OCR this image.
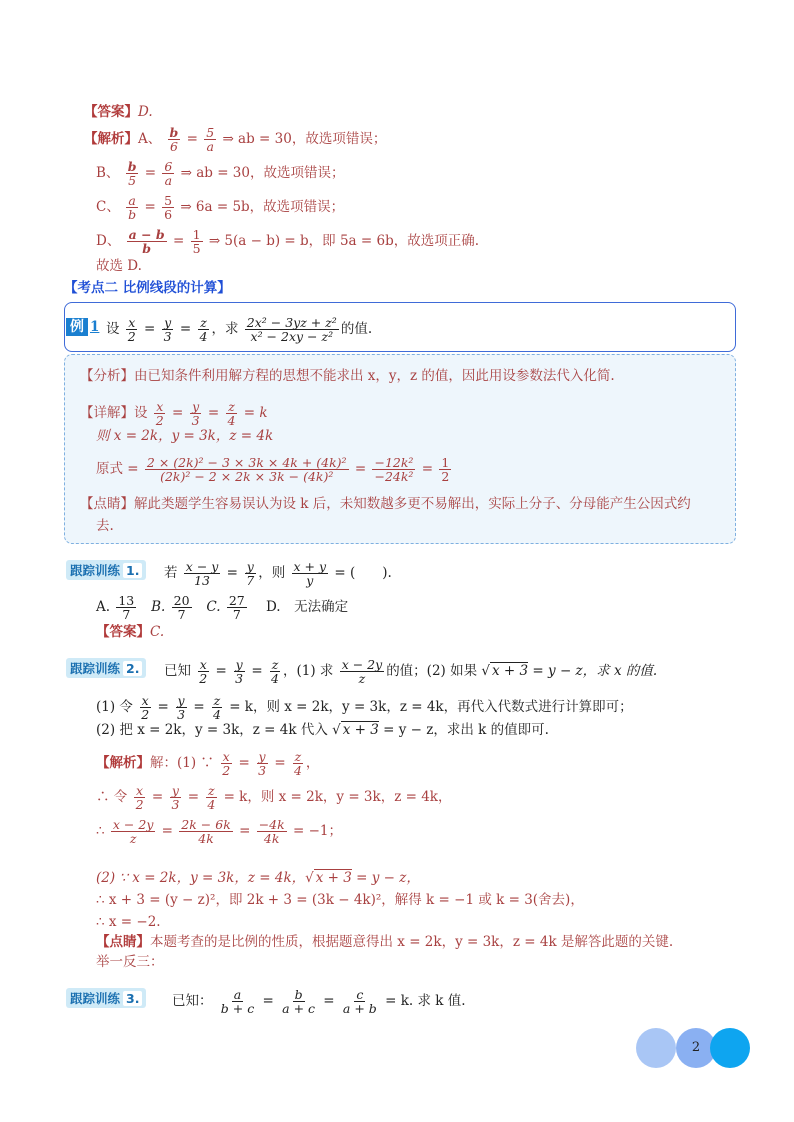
【答案】D.
【解析】A、 $\frac{b}{6} = \frac{5}{a}$ ⇒ ab = 30，故选项错误；
B、 $\frac{b}{5} = \frac{6}{a}$ ⇒ ab = 30，故选项错误；
C、 $\frac{a}{b} = \frac{5}{6}$ ⇒ 6a = 5b，故选项错误；
D、 $\frac{a - b}{b} = \frac{1}{5}$ ⇒ 5(a − b) = b，即 5a = 6b，故选项正确.
故选 D.
【考点二 比例线段的计算】
例 1 设 $\frac{x}{2} = \frac{y}{3} = \frac{z}{4}$ ，求 $\frac{\text{2x² − 3yz + z²}}{\text{x² − 2xy − z²}}$ 的值.
【分析】由已知条件利用解方程的思想不能求出 x，y，z 的值，因此用设参数法代入化简.
【详解】设 $\frac{x}{2} = \frac{y}{3} = \frac{z}{4} = k$
则 x = 2k，y = 3k，z = 4k
原式 = $\frac{\text{2 × (2k)² − 3 × 3k × 4k + (4k)²}}{\text{(2k)² − 2 × 2k × 3k − (4k)²}} = \frac{\text{−12k²}}{\text{−24k²}} = \frac{1}{2}$
【点睛】解此类题学生容易误认为设 k 后，未知数越多更不易解出，实际上分子、分母能产生公因式约
去.
跟踪训练 1.	若 $\frac{x - y}{13} = \frac{y}{7}$ ，则 $\frac{x + y}{y}$ = (　　).
A. $\frac{13}{7} B$. $\frac{20}{7} C$. $\frac{27}{7} D$.　无法确定
【答案】C.
跟踪训练 2.	已知 $\frac{x}{2} = \frac{y}{3} = \frac{z}{4}$ ，(1) 求 $\frac{x - 2y}{z}$ 的值；(2) 如果 √ x + 3 = y − z，求 x 的值.
(1) 令 $\frac{x}{2} = \frac{y}{3} = \frac{z}{4} = k$，则 x = 2k，y = 3k，z = 4k，再代入代数式进行计算即可；
(2) 把 x = 2k，y = 3k，z = 4k 代入 √ x + 3 = y − z，求出 k 的值即可.
【解析】解：(1) ∵ $\frac{x}{2} = \frac{y}{3} = \frac{z}{4}$ ，
∴ 令 $\frac{x}{2} = \frac{y}{3} = \frac{z}{4} = k$，则 x = 2k，y = 3k，z = 4k，
∴ $\frac{x - 2y}{z} = \frac{2k - 6k}{4k} = \frac{-4k}{4k} = -1$；
(2) ∵ x = 2k，y = 3k，z = 4k，√ x + 3 = y − z，
∴ x + 3 = (y − z)²，即 2k + 3 = (3k − 4k)²，解得 k = −1 或 k = 3(舍去)，
∴ x = −2.
【点睛】本题考查的是比例的性质，根据题意得出 x = 2k，y = 3k，z = 4k 是解答此题的关键.
举一反三：
跟踪训练 3.	已知： $\frac{a}{b + c} = \frac{b}{a + c} = \frac{c}{a + b} = k$. 求 k 值.
2
